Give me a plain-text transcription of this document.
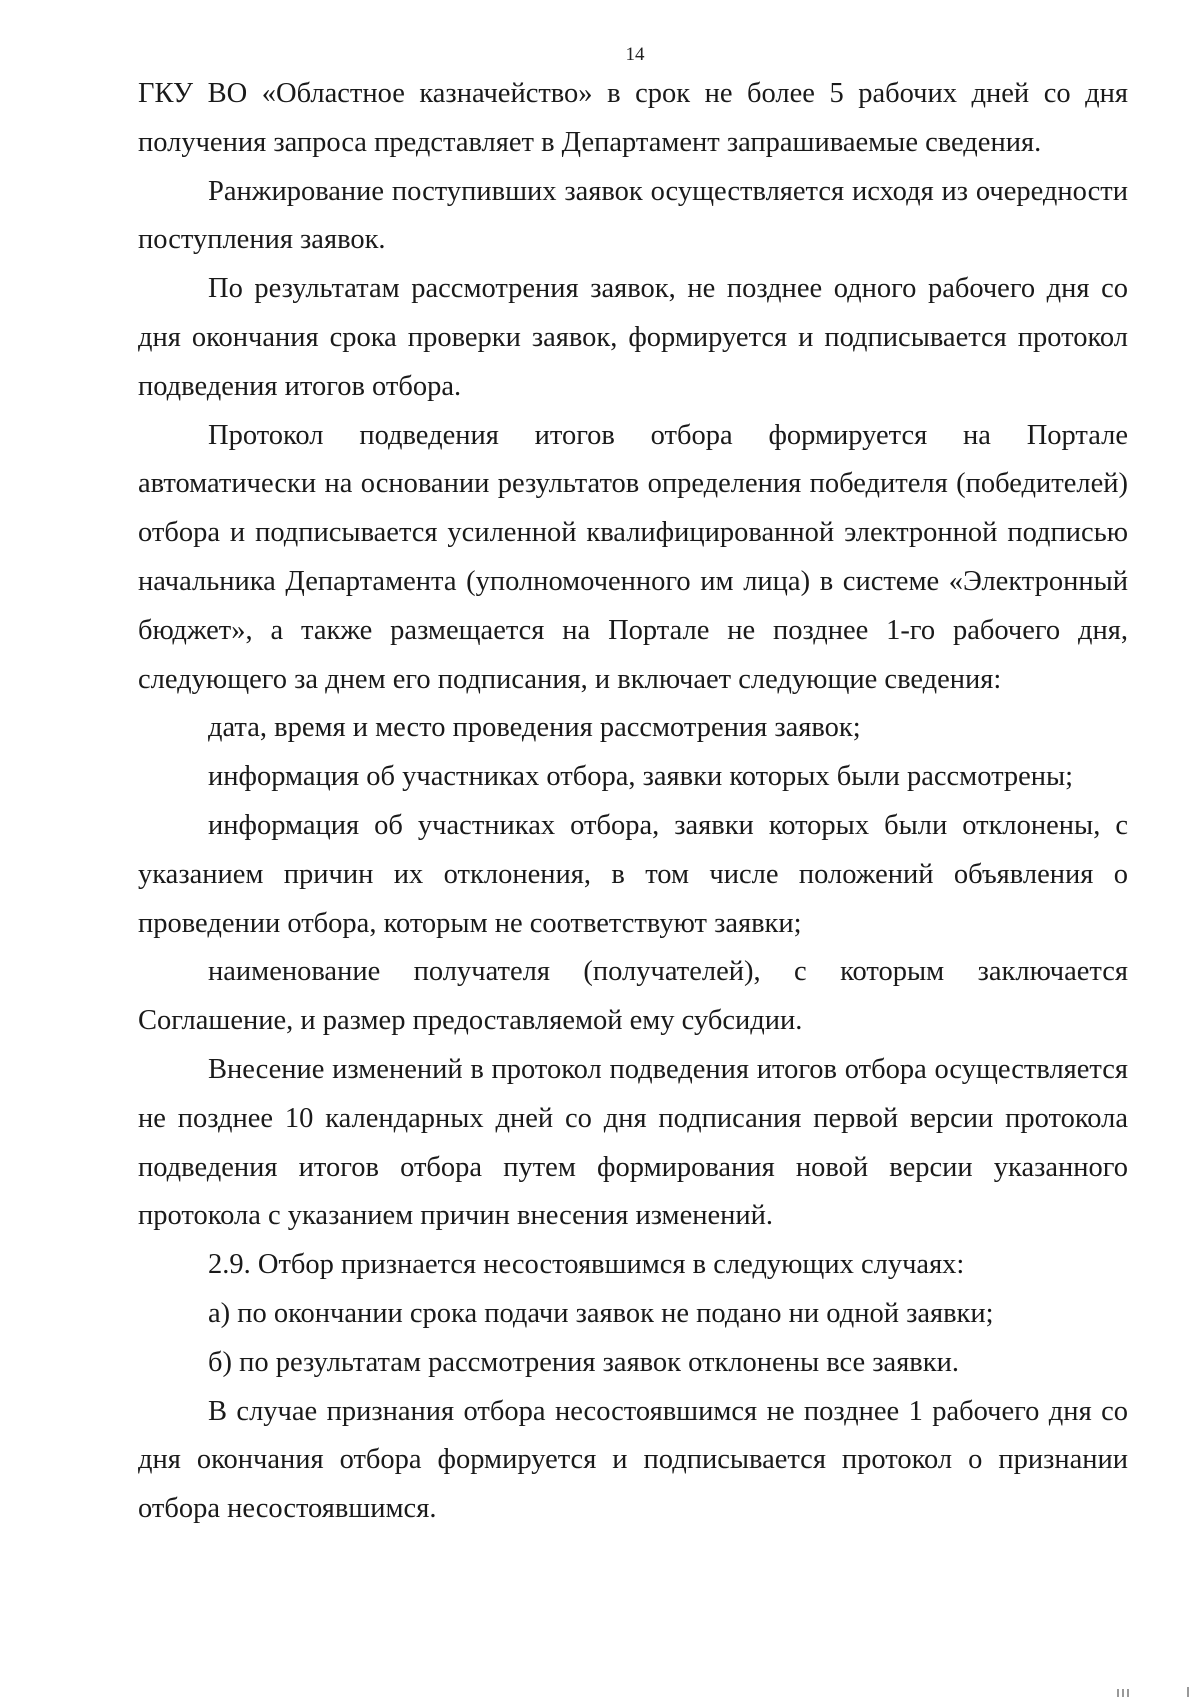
14

ГКУ ВО «Областное казначейство» в срок не более 5 рабочих дней со дня получения запроса представляет в Департамент запрашиваемые сведения.

Ранжирование поступивших заявок осуществляется исходя из очередности поступления заявок.

По результатам рассмотрения заявок, не позднее одного рабочего дня со дня окончания срока проверки заявок, формируется и подписывается протокол подведения итогов отбора.

Протокол подведения итогов отбора формируется на Портале автоматически на основании результатов определения победителя (победителей) отбора и подписывается усиленной квалифицированной электронной подписью начальника Департамента (уполномоченного им лица) в системе «Электронный бюджет», а также размещается на Портале не позднее 1-го рабочего дня, следующего за днем его подписания, и включает следующие сведения:

дата, время и место проведения рассмотрения заявок;

информация об участниках отбора, заявки которых были рассмотрены;

информация об участниках отбора, заявки которых были отклонены, с указанием причин их отклонения, в том числе положений объявления о проведении отбора, которым не соответствуют заявки;

наименование получателя (получателей), с которым заключается Соглашение, и размер предоставляемой ему субсидии.

Внесение изменений в протокол подведения итогов отбора осуществляется не позднее 10 календарных дней со дня подписания первой версии протокола подведения итогов отбора путем формирования новой версии указанного протокола с указанием причин внесения изменений.

2.9. Отбор признается несостоявшимся в следующих случаях:

а) по окончании срока подачи заявок не подано ни одной заявки;

б) по результатам рассмотрения заявок отклонены все заявки.

В случае признания отбора несостоявшимся не позднее 1 рабочего дня со дня окончания отбора формируется и подписывается протокол о признании отбора несостоявшимся.
